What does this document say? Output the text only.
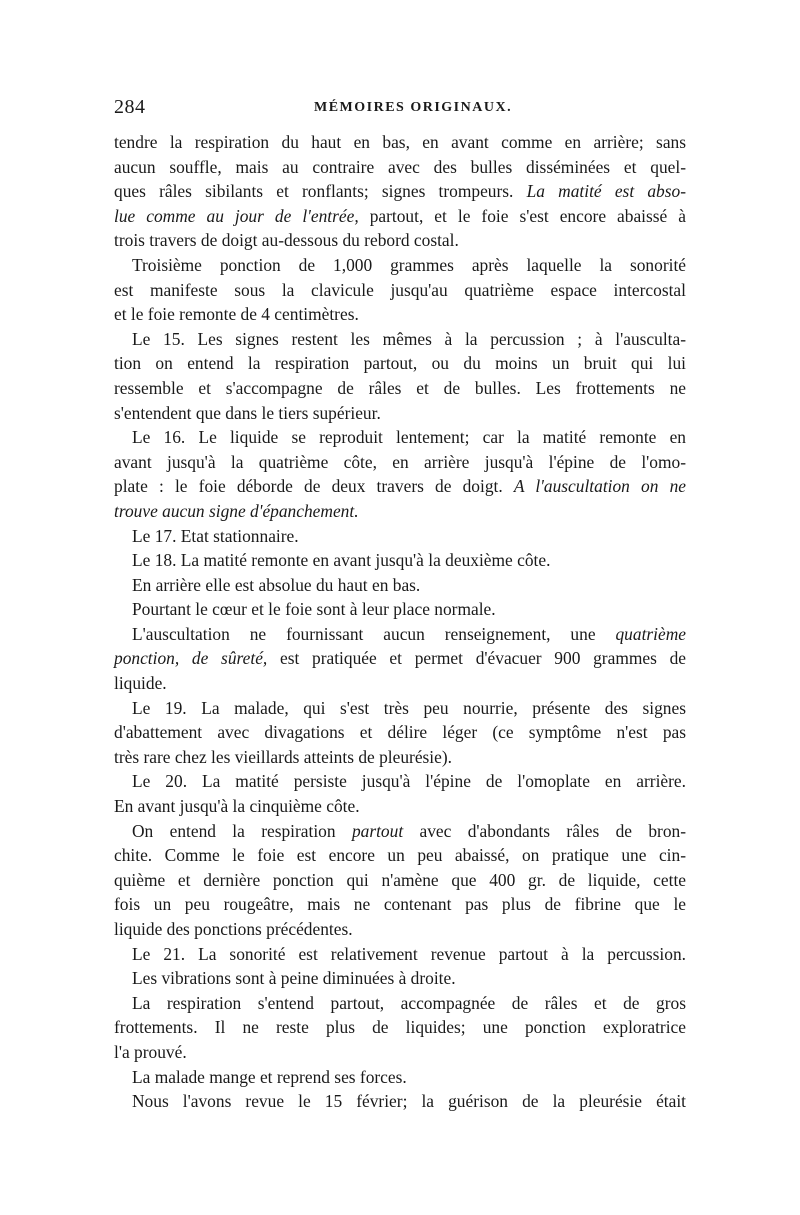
284	MÉMOIRES ORIGINAUX.
tendre la respiration du haut en bas, en avant comme en arrière; sans
aucun souffle, mais au contraire avec des bulles disséminées et quel-
ques râles sibilants et ronflants; signes trompeurs. La matité est abso-
lue comme au jour de l'entrée, partout, et le foie s'est encore abaissé à
trois travers de doigt au-dessous du rebord costal.
Troisième ponction de 1,000 grammes après laquelle la sonorité
est manifeste sous la clavicule jusqu'au quatrième espace intercostal
et le foie remonte de 4 centimètres.
Le 15. Les signes restent les mêmes à la percussion ; à l'ausculta-
tion on entend la respiration partout, ou du moins un bruit qui lui
ressemble et s'accompagne de râles et de bulles. Les frottements ne
s'entendent que dans le tiers supérieur.
Le 16. Le liquide se reproduit lentement; car la matité remonte en
avant jusqu'à la quatrième côte, en arrière jusqu'à l'épine de l'omo-
plate : le foie déborde de deux travers de doigt. A l'auscultation on ne
trouve aucun signe d'épanchement.
Le 17. Etat stationnaire.
Le 18. La matité remonte en avant jusqu'à la deuxième côte.
En arrière elle est absolue du haut en bas.
Pourtant le cœur et le foie sont à leur place normale.
L'auscultation ne fournissant aucun renseignement, une quatrième
ponction, de sûreté, est pratiquée et permet d'évacuer 900 grammes de
liquide.
Le 19. La malade, qui s'est très peu nourrie, présente des signes
d'abattement avec divagations et délire léger (ce symptôme n'est pas
très rare chez les vieillards atteints de pleurésie).
Le 20. La matité persiste jusqu'à l'épine de l'omoplate en arrière.
En avant jusqu'à la cinquième côte.
On entend la respiration partout avec d'abondants râles de bron-
chite. Comme le foie est encore un peu abaissé, on pratique une cin-
quième et dernière ponction qui n'amène que 400 gr. de liquide, cette
fois un peu rougeâtre, mais ne contenant pas plus de fibrine que le
liquide des ponctions précédentes.
Le 21. La sonorité est relativement revenue partout à la percussion.
Les vibrations sont à peine diminuées à droite.
La respiration s'entend partout, accompagnée de râles et de gros
frottements. Il ne reste plus de liquides; une ponction exploratrice
l'a prouvé.
La malade mange et reprend ses forces.
Nous l'avons revue le 15 février; la guérison de la pleurésie était
